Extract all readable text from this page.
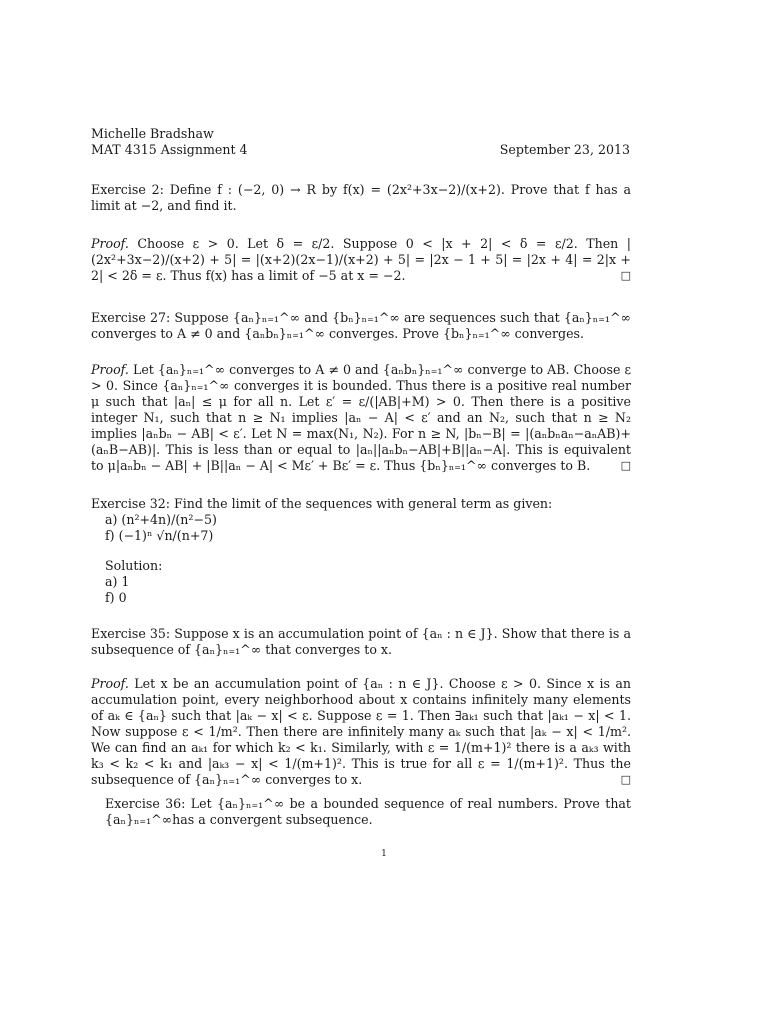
Michelle Bradshaw

MAT 4315 Assignment 4	September 23, 2013

Exercise 2: Define f : (−2, 0) → R by f(x) = (2x²+3x−2)/(x+2). Prove that f has a limit at −2, and find it.

Proof. Choose ε > 0. Let δ = ε/2. Suppose 0 < |x + 2| < δ = ε/2. Then |(2x²+3x−2)/(x+2) + 5| = |(x+2)(2x−1)/(x+2) + 5| = |2x − 1 + 5| = |2x + 4| = 2|x + 2| < 2δ = ε. Thus f(x) has a limit of −5 at x = −2.	□

Exercise 27: Suppose {aₙ}ₙ₌₁^∞ and {bₙ}ₙ₌₁^∞ are sequences such that {aₙ}ₙ₌₁^∞ converges to A ≠ 0 and {aₙbₙ}ₙ₌₁^∞ converges. Prove {bₙ}ₙ₌₁^∞ converges.

Proof. Let {aₙ}ₙ₌₁^∞ converges to A ≠ 0 and {aₙbₙ}ₙ₌₁^∞ converge to AB. Choose ε > 0. Since {aₙ}ₙ₌₁^∞ converges it is bounded. Thus there is a positive real number μ such that |aₙ| ≤ μ for all n. Let ε′ = ε/(|AB|+M) > 0. Then there is a positive integer N₁, such that n ≥ N₁ implies |aₙ − A| < ε′ and an N₂, such that n ≥ N₂ implies |aₙbₙ − AB| < ε′. Let N = max(N₁, N₂). For n ≥ N, |bₙ−B| = |(aₙbₙaₙ−aₙAB)+(aₙB−AB)|. This is less than or equal to |aₙ||aₙbₙ−AB|+B||aₙ−A|. This is equivalent to μ|aₙbₙ − AB| + |B||aₙ − A| < Mε′ + Bε′ = ε. Thus {bₙ}ₙ₌₁^∞ converges to B.	□

Exercise 32: Find the limit of the sequences with general term as given:

a) (n²+4n)/(n²−5)

f) (−1)ⁿ √n/(n+7)

Solution:

a) 1

f) 0

Exercise 35: Suppose x is an accumulation point of {aₙ : n ∈ J}. Show that there is a subsequence of {aₙ}ₙ₌₁^∞ that converges to x.

Proof. Let x be an accumulation point of {aₙ : n ∈ J}. Choose ε > 0. Since x is an accumulation point, every neighborhood about x contains infinitely many elements of aₖ ∈ {aₙ} such that |aₖ − x| < ε. Suppose ε = 1. Then ∃aₖ₁ such that |aₖ₁ − x| < 1. Now suppose ε < 1/m². Then there are infinitely many aₖ such that |aₖ − x| < 1/m². We can find an aₖ₁ for which k₂ < k₁. Similarly, with ε = 1/(m+1)² there is a aₖ₃ with k₃ < k₂ < k₁ and |aₖ₃ − x| < 1/(m+1)². This is true for all ε = 1/(m+1)². Thus the subsequence of {aₙ}ₙ₌₁^∞ converges to x.	□

Exercise 36: Let {aₙ}ₙ₌₁^∞ be a bounded sequence of real numbers. Prove that {aₙ}ₙ₌₁^∞has a convergent subsequence.

1
